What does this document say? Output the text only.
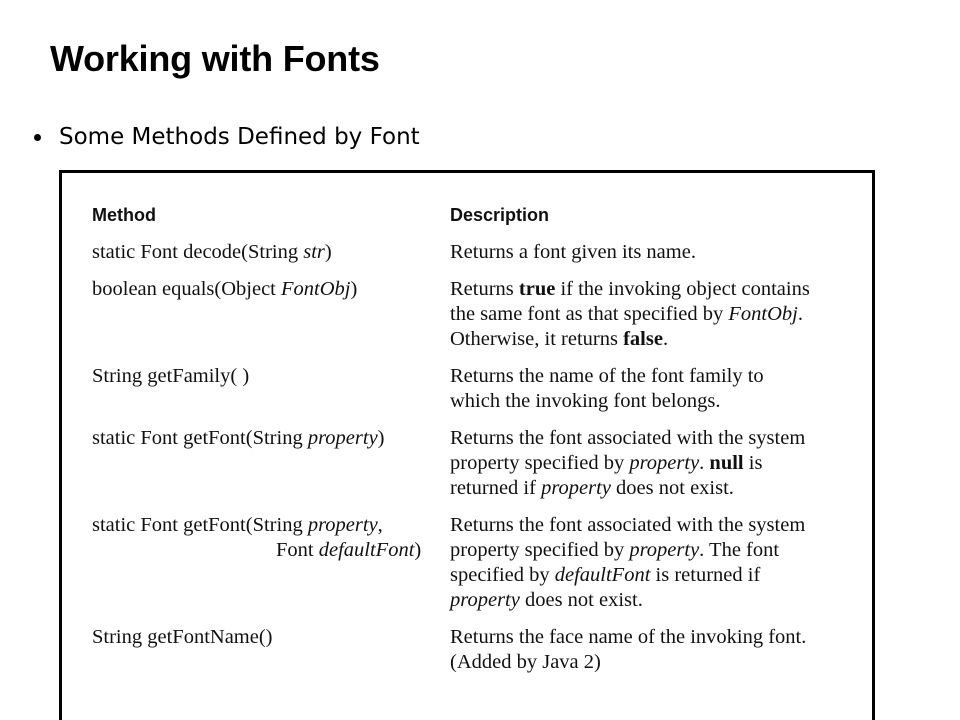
Working with Fonts
Some Methods Defined by Font
Method	Description

static Font decode(String str)	Returns a font given its name.

boolean equals(Object FontObj)	Returns true if the invoking object contains
the same font as that specified by FontObj.
Otherwise, it returns false.

String getFamily( )	Returns the name of the font family to
which the invoking font belongs.

static Font getFont(String property)	Returns the font associated with the system
property specified by property. null is
returned if property does not exist.

static Font getFont(String property,
Font defaultFont)	Returns the font associated with the system
property specified by property. The font
specified by defaultFont is returned if
property does not exist.

String getFontName()	Returns the face name of the invoking font.
(Added by Java 2)
